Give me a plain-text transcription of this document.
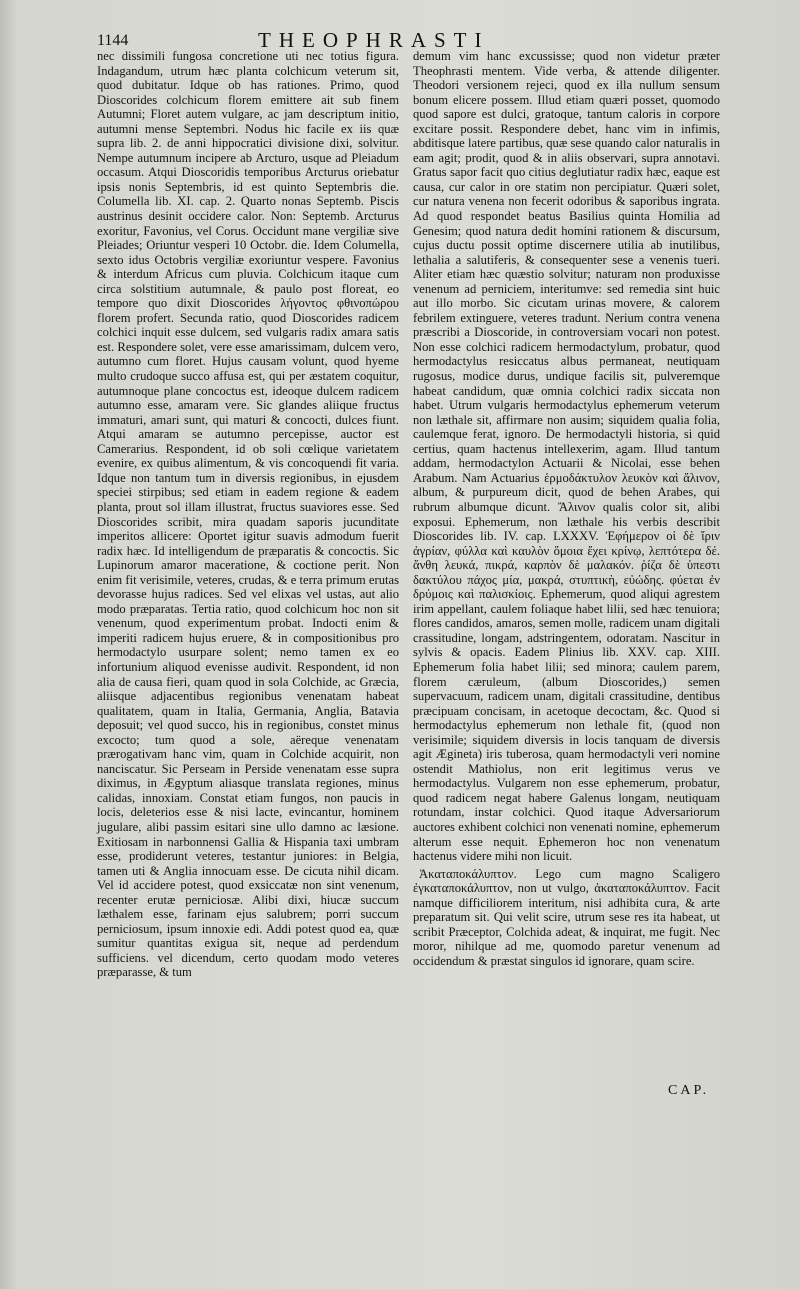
1144	THEOPHRASTI

nec dissimili fungosa concretione uti nec totius figura. Indagandum, utrum hæc planta colchicum veterum sit, quod dubitatur. Idque ob has rationes. Primo, quod Dioscorides colchicum florem emittere ait sub finem Autumni; Floret autem vulgare, ac jam descriptum initio, autumni mense Septembri. Nodus hic facile ex iis quæ supra lib. 2. de anni hippocratici divisione dixi, solvitur. Nempe autumnum incipere ab Arcturo, usque ad Pleiadum occasum. Atqui Dioscoridis temporibus Arcturus oriebatur ipsis nonis Septembris, id est quinto Septembris die. Columella lib. XI. cap. 2. Quarto nonas Septemb. Piscis austrinus desinit occidere calor. Non: Septemb. Arcturus exoritur, Favonius, vel Corus. Occidunt mane vergiliæ sive Pleiades; Oriuntur vesperi 10 Octobr. die. Idem Columella, sexto idus Octobris vergiliæ exoriuntur vespere. Favonius & interdum Africus cum pluvia. Colchicum itaque cum circa solstitium autumnale, & paulo post floreat, eo tempore quo dixit Dioscorides λήγοντος φθινοπώρου florem profert. Secunda ratio, quod Dioscorides radicem colchici inquit esse dulcem, sed vulgaris radix amara satis est. Respondere solet, vere esse amarissimam, dulcem vero, autumno cum floret. Hujus causam volunt, quod hyeme multo crudoque succo affusa est, qui per æstatem coquitur, autumnoque plane concoctus est, ideoque dulcem radicem autumno esse, amaram vere. Sic glandes aliique fructus immaturi, amari sunt, qui maturi & concocti, dulces fiunt. Atqui amaram se autumno percepisse, auctor est Camerarius. Respondent, id ob soli cœlique varietatem evenire, ex quibus alimentum, & vis concoquendi fit varia. Idque non tantum tum in diversis regionibus, in ejusdem speciei stirpibus; sed etiam in eadem regione & eadem planta, prout sol illam illustrat, fructus suaviores esse. Sed Dioscorides scribit, mira quadam saporis jucunditate imperitos allicere: Oportet igitur suavis admodum fuerit radix hæc. Id intelligendum de præparatis & concoctis. Sic Lupinorum amaror maceratione, & coctione perit. Non enim fit verisimile, veteres, crudas, & e terra primum erutas devorasse hujus radices. Sed vel elixas vel ustas, aut alio modo præparatas. Tertia ratio, quod colchicum hoc non sit venenum, quod experimentum probat. Indocti enim & imperiti radicem hujus eruere, & in compositionibus pro hermodactylo usurpare solent; nemo tamen ex eo infortunium aliquod evenisse audivit. Respondent, id non alia de causa fieri, quam quod in sola Colchide, ac Græcia, aliisque adjacentibus regionibus venenatam habeat qualitatem, quam in Italia, Germania, Anglia, Batavia deposuit; vel quod succo, his in regionibus, constet minus excocto; tum quod a sole, aëreque venenatam prærogativam hanc vim, quam in Colchide acquirit, non nanciscatur. Sic Perseam in Perside venenatam esse supra diximus, in Ægyptum aliasque translata regiones, minus calidas, innoxiam. Constat etiam fungos, non paucis in locis, deleterios esse & nisi lacte, evincantur, hominem jugulare, alibi passim esitari sine ullo damno ac læsione. Exitiosam in narbonnensi Gallia & Hispania taxi umbram esse, prodiderunt veteres, testantur juniores: in Belgia, tamen uti & Anglia innocuam esse. De cicuta nihil dicam. Vel id accidere potest, quod exsiccatæ non sint venenum, recenter erutæ perniciosæ. Alibi dixi, hiucæ succum læthalem esse, farinam ejus salubrem; porri succum perniciosum, ipsum innoxie edi. Addi potest quod ea, quæ sumitur quantitas exigua sit, neque ad perdendum sufficiens. vel dicendum, certo quodam modo veteres præparasse, & tum

demum vim hanc excussisse; quod non videtur præter Theophrasti mentem. Vide verba, & attende diligenter. Theodori versionem rejeci, quod ex illa nullum sensum bonum elicere possem. Illud etiam quæri posset, quomodo quod sapore est dulci, gratoque, tantum caloris in corpore excitare possit. Respondere debet, hanc vim in infimis, abditisque latere partibus, quæ sese quando calor naturalis in eam agit; prodit, quod & in aliis observari, supra annotavi. Gratus sapor facit quo citius deglutiatur radix hæc, eaque est causa, cur calor in ore statim non percipiatur. Quæri solet, cur natura venena non fecerit odoribus & saporibus ingrata. Ad quod respondet beatus Basilius quinta Homilia ad Genesim; quod natura dedit homini rationem & discursum, cujus ductu possit optime discernere utilia ab inutilibus, lethalia a salutiferis, & consequenter sese a venenis tueri. Aliter etiam hæc quæstio solvitur; naturam non produxisse venenum ad perniciem, interitumve: sed remedia sint huic aut illo morbo. Sic cicutam urinas movere, & calorem febrilem extinguere, veteres tradunt. Nerium contra venena præscribi a Dioscoride, in controversiam vocari non potest. Non esse colchici radicem hermodactylum, probatur, quod hermodactylus resiccatus albus permaneat, neutiquam rugosus, modice durus, undique facilis sit, pulveremque habeat candidum, quæ omnia colchici radix siccata non habet. Utrum vulgaris hermodactylus ephemerum veterum non læthale sit, affirmare non ausim; siquidem qualia folia, caulemque ferat, ignoro. De hermodactyli historia, si quid certius, quam hactenus intellexerim, agam. Illud tantum addam, hermodactylon Actuarii & Nicolai, esse behen Arabum. Nam Actuarius ἑρμοδάκτυλον λευκὸν καὶ ἄλινον, album, & purpureum dicit, quod de behen Arabes, qui rubrum albumque dicunt. Ἄλινον qualis color sit, alibi exposui. Ephemerum, non læthale his verbis describit Dioscorides lib. IV. cap. LXXXV. Ἐφήμερον οἱ δὲ ἴριν ἀγρίαν, φύλλα καὶ καυλὸν ὅμοια ἔχει κρίνῳ, λεπτότερα δέ. ἄνθη λευκά, πικρά, καρπὸν δὲ μαλακόν. ῥίζα δὲ ὑπεστι δακτύλου πάχος μία, μακρά, στυπτικὴ, εὐώδης. φύεται ἐν δρύμοις καὶ παλισκίοις. Ephemerum, quod aliqui agrestem irim appellant, caulem foliaque habet lilii, sed hæc tenuiora; flores candidos, amaros, semen molle, radicem unam digitali crassitudine, longam, adstringentem, odoratam. Nascitur in sylvis & opacis. Eadem Plinius lib. XXV. cap. XIII. Ephemerum folia habet lilii; sed minora; caulem parem, florem cæruleum, (album Dioscorides,) semen supervacuum, radicem unam, digitali crassitudine, dentibus præcipuam concisam, in acetoque decoctam, &c. Quod si hermodactylus ephemerum non lethale fit, (quod non verisimile; siquidem diversis in locis tanquam de diversis agit Ægineta) iris tuberosa, quam hermodactyli veri nomine ostendit Mathiolus, non erit legitimus verus ve hermodactylus. Vulgarem non esse ephemerum, probatur, quod radicem negat habere Galenus longam, neutiquam rotundam, instar colchici. Quod itaque Adversariorum auctores exhibent colchici non venenati nomine, ephemerum alterum esse nequit. Ephemeron hoc non venenatum hactenus videre mihi non licuit.

Ἀκαταποκάλυπτον. Lego cum magno Scaligero ἐγκαταποκάλυπτον, non ut vulgo, ἀκαταποκάλυπτον. Facit namque difficiliorem interitum, nisi adhibita cura, & arte preparatum sit. Qui velit scire, utrum sese res ita habeat, ut scribit Præceptor, Colchida adeat, & inquirat, me fugit. Nec moror, nihilque ad me, quomodo paretur venenum ad occidendum & præstat singulos id ignorare, quam scire.

CAP.
